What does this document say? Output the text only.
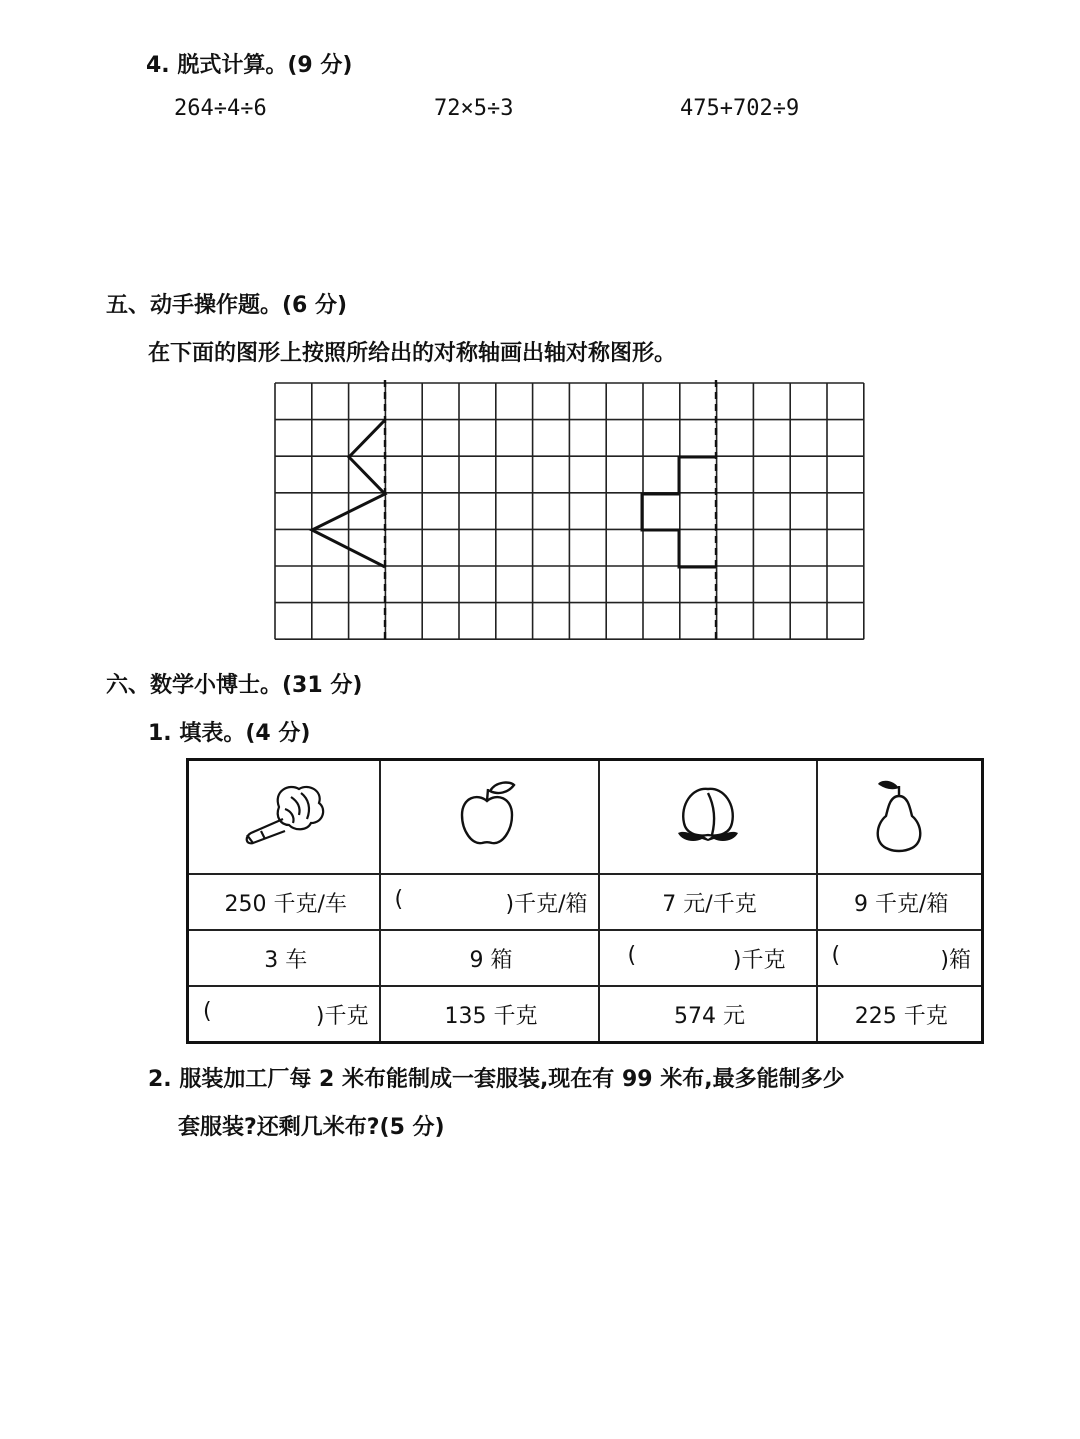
4. 脱式计算。(9 分)
264÷4÷6	72×5÷3	475+702÷9
五、动手操作题。(6 分)
在下面的图形上按照所给出的对称轴画出轴对称图形。
六、数学小博士。(31 分)
1. 填表。(4 分)

250 千克/车	( )千克/箱	7 元/千克	9 千克/箱

3 车	9 箱	( )千克	( )箱

( )千克	135 千克	574 元	225 千克
2. 服装加工厂每 2 米布能制成一套服装,现在有 99 米布,最多能制多少
套服装?还剩几米布?(5 分)
